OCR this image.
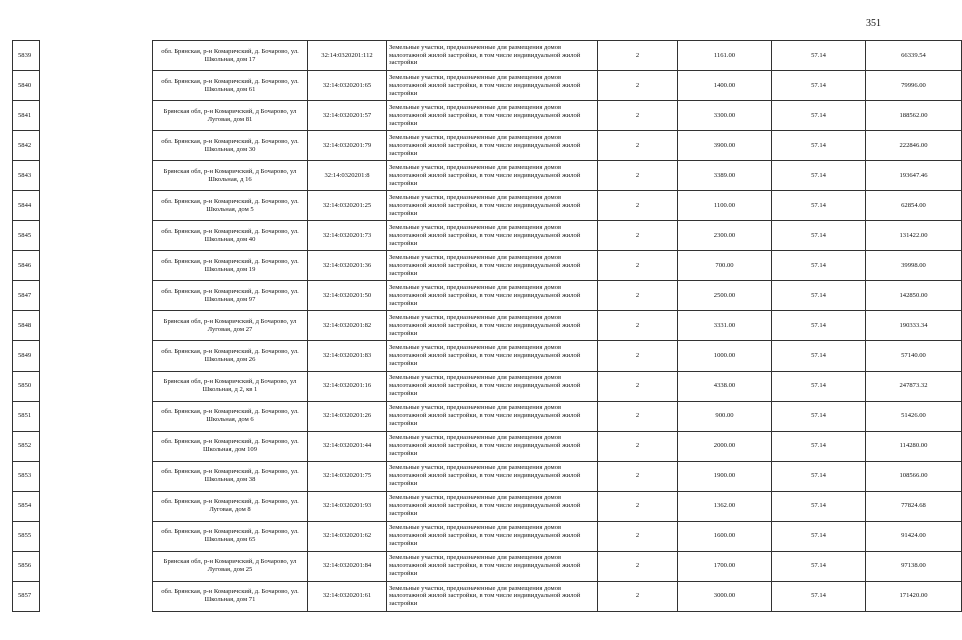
351
5839		обл. Брянская, р-н Комаричский, д. Бочарово, ул. Школьная, дом 17	32:14:0320201:112	Земельные участки, предназначенные для размещения домов малоэтажной жилой застройки, в том числе индивидуальной жилой застройки	2	1161.00	57.14	66339.54
5840		обл. Брянская, р-н Комаричский, д. Бочарово, ул. Школьная, дом 61	32:14:0320201:65	Земельные участки, предназначенные для размещения домов малоэтажной жилой застройки, в том числе индивидуальной жилой застройки	2	1400.00	57.14	79996.00
5841		Брянская обл, р-н Комаричский, д Бочарово, ул Луговая, дом 81	32:14:0320201:57	Земельные участки, предназначенные для размещения домов малоэтажной жилой застройки, в том числе индивидуальной жилой застройки	2	3300.00	57.14	188562.00
5842		обл. Брянская, р-н Комаричский, д. Бочарово, ул. Школьная, дом 30	32:14:0320201:79	Земельные участки, предназначенные для размещения домов малоэтажной жилой застройки, в том числе индивидуальной жилой застройки	2	3900.00	57.14	222846.00
5843		Брянская обл, р-н Комаричский, д Бочарово, ул Школьная, д 16	32:14:0320201:8	Земельные участки, предназначенные для размещения домов малоэтажной жилой застройки, в том числе индивидуальной жилой застройки	2	3389.00	57.14	193647.46
5844		обл. Брянская, р-н Комаричский, д. Бочарово, ул. Школьная, дом 5	32:14:0320201:25	Земельные участки, предназначенные для размещения домов малоэтажной жилой застройки, в том числе индивидуальной жилой застройки	2	1100.00	57.14	62854.00
5845		обл. Брянская, р-н Комаричский, д. Бочарово, ул. Школьная, дом 40	32:14:0320201:73	Земельные участки, предназначенные для размещения домов малоэтажной жилой застройки, в том числе индивидуальной жилой застройки	2	2300.00	57.14	131422.00
5846		обл. Брянская, р-н Комаричский, д. Бочарово, ул. Школьная, дом 19	32:14:0320201:36	Земельные участки, предназначенные для размещения домов малоэтажной жилой застройки, в том числе индивидуальной жилой застройки	2	700.00	57.14	39998.00
5847		обл. Брянская, р-н Комаричский, д. Бочарово, ул. Школьная, дом 97	32:14:0320201:50	Земельные участки, предназначенные для размещения домов малоэтажной жилой застройки, в том числе индивидуальной жилой застройки	2	2500.00	57.14	142850.00
5848		Брянская обл, р-н Комаричский, д Бочарово, ул Луговая, дом 27	32:14:0320201:82	Земельные участки, предназначенные для размещения домов малоэтажной жилой застройки, в том числе индивидуальной жилой застройки	2	3331.00	57.14	190333.34
5849		обл. Брянская, р-н Комаричский, д. Бочарово, ул. Школьная, дом 26	32:14:0320201:83	Земельные участки, предназначенные для размещения домов малоэтажной жилой застройки, в том числе индивидуальной жилой застройки	2	1000.00	57.14	57140.00
5850		Брянская обл, р-н Комаричский, д Бочарово, ул Школьная, д 2, кв 1	32:14:0320201:16	Земельные участки, предназначенные для размещения домов малоэтажной жилой застройки, в том числе индивидуальной жилой застройки	2	4338.00	57.14	247873.32
5851		обл. Брянская, р-н Комаричский, д. Бочарово, ул. Школьная, дом 6	32:14:0320201:26	Земельные участки, предназначенные для размещения домов малоэтажной жилой застройки, в том числе индивидуальной жилой застройки	2	900.00	57.14	51426.00
5852		обл. Брянская, р-н Комаричский, д. Бочарово, ул. Школьная, дом 109	32:14:0320201:44	Земельные участки, предназначенные для размещения домов малоэтажной жилой застройки, в том числе индивидуальной жилой застройки	2	2000.00	57.14	114280.00
5853		обл. Брянская, р-н Комаричский, д. Бочарово, ул. Школьная, дом 38	32:14:0320201:75	Земельные участки, предназначенные для размещения домов малоэтажной жилой застройки, в том числе индивидуальной жилой застройки	2	1900.00	57.14	108566.00
5854		обл. Брянская, р-н Комаричский, д. Бочарово, ул. Луговая, дом 8	32:14:0320201:93	Земельные участки, предназначенные для размещения домов малоэтажной жилой застройки, в том числе индивидуальной жилой застройки	2	1362.00	57.14	77824.68
5855		обл. Брянская, р-н Комаричский, д. Бочарово, ул. Школьная, дом 65	32:14:0320201:62	Земельные участки, предназначенные для размещения домов малоэтажной жилой застройки, в том числе индивидуальной жилой застройки	2	1600.00	57.14	91424.00
5856		Брянская обл, р-н Комаричский, д Бочарово, ул Луговая, дом 25	32:14:0320201:84	Земельные участки, предназначенные для размещения домов малоэтажной жилой застройки, в том числе индивидуальной жилой застройки	2	1700.00	57.14	97138.00
5857		обл. Брянская, р-н Комаричский, д. Бочарово, ул. Школьная, дом 71	32:14:0320201:61	Земельные участки, предназначенные для размещения домов малоэтажной жилой застройки, в том числе индивидуальной жилой застройки	2	3000.00	57.14	171420.00
